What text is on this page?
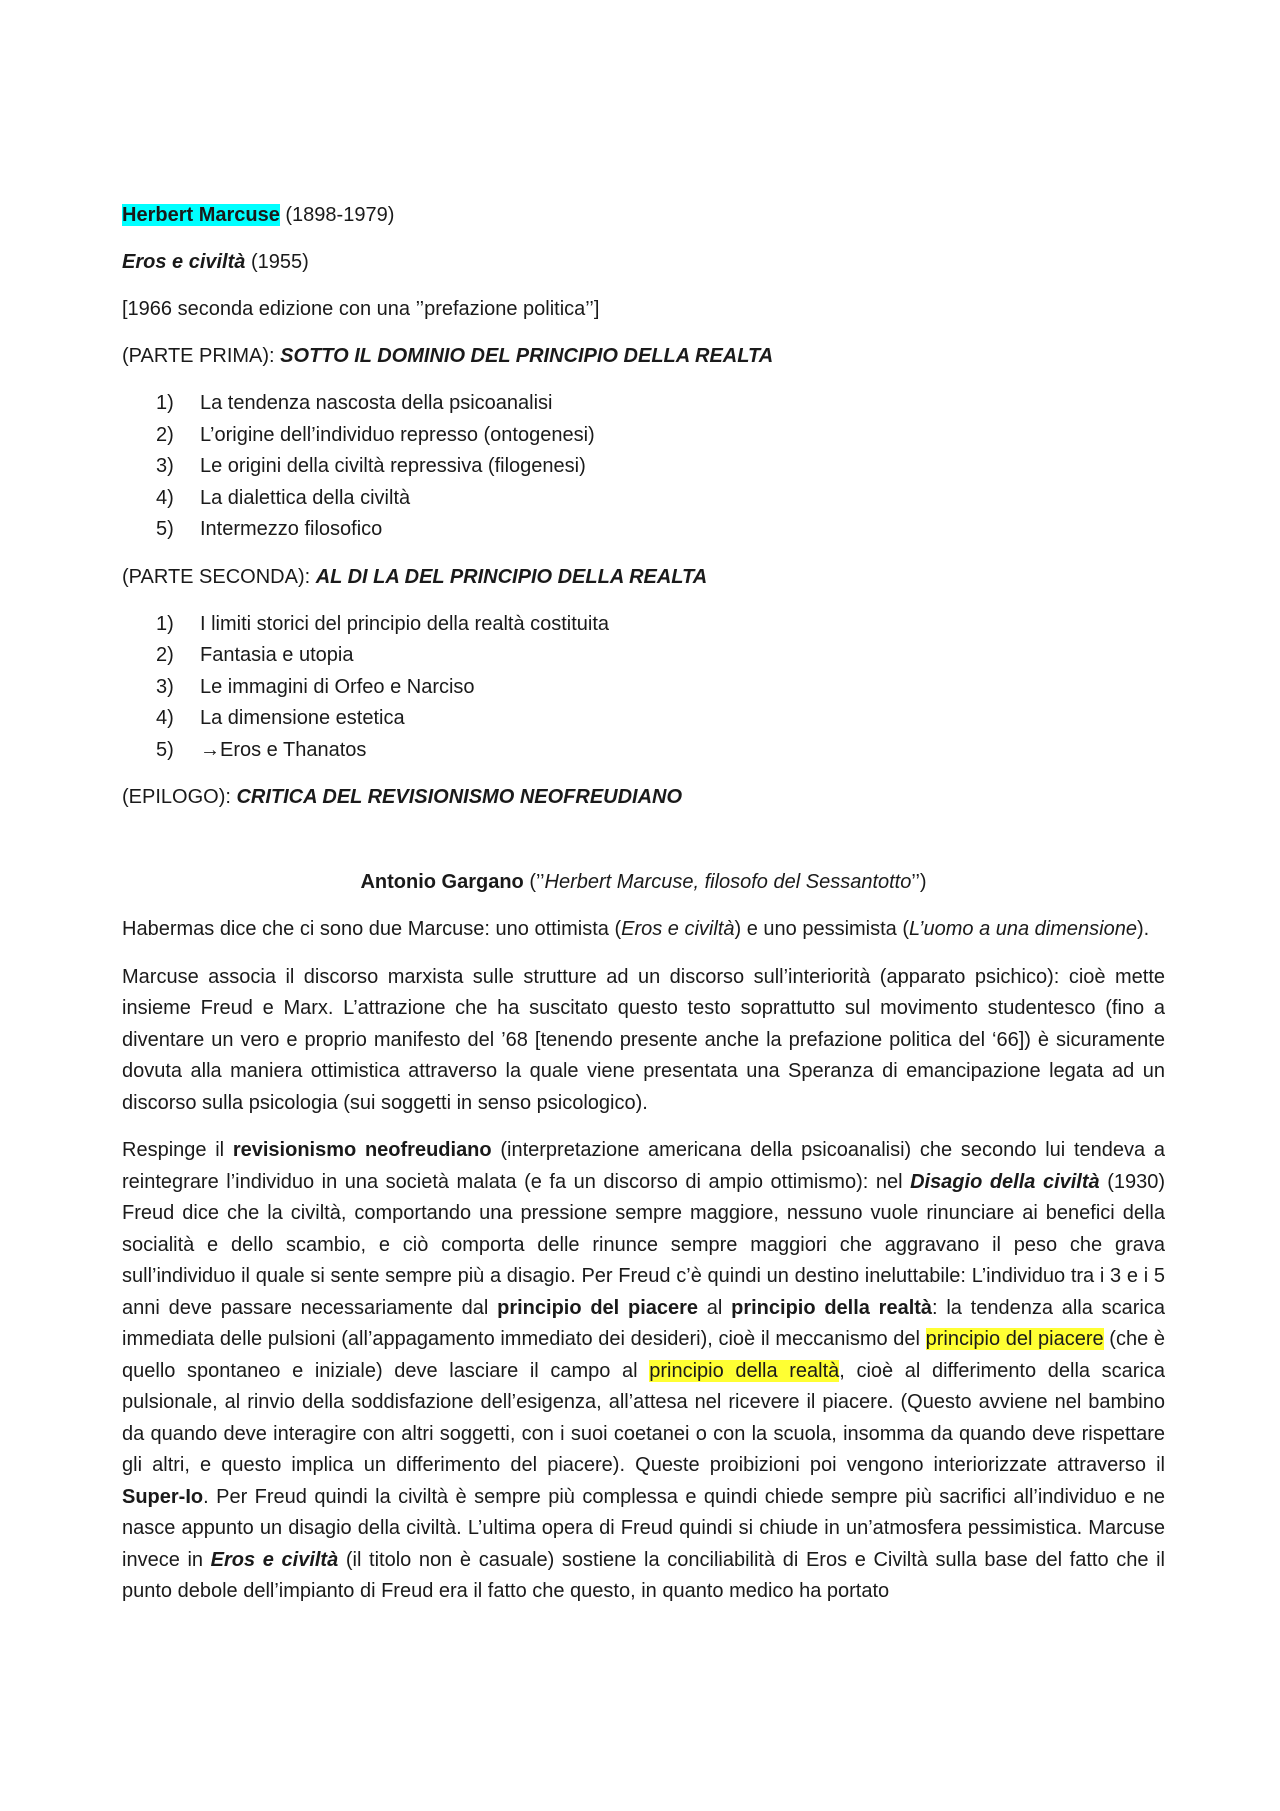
Herbert Marcuse (1898-1979)

Eros e civiltà (1955)

[1966 seconda edizione con una ’’prefazione politica’’]

(PARTE PRIMA): SOTTO IL DOMINIO DEL PRINCIPIO DELLA REALTA

1)	La tendenza nascosta della psicoanalisi
2)	L’origine dell’individuo represso (ontogenesi)
3)	Le origini della civiltà repressiva (filogenesi)
4)	La dialettica della civiltà
5)	Intermezzo filosofico

(PARTE SECONDA): AL DI LA DEL PRINCIPIO DELLA REALTA

1)	I limiti storici del principio della realtà costituita
2)	Fantasia e utopia
3)	Le immagini di Orfeo e Narciso
4)	La dimensione estetica
5)	→Eros e Thanatos

(EPILOGO): CRITICA DEL REVISIONISMO NEOFREUDIANO

Antonio Gargano (’’Herbert Marcuse, filosofo del Sessantotto’’)

Habermas dice che ci sono due Marcuse: uno ottimista (Eros e civiltà) e uno pessimista (L’uomo a una dimensione).

Marcuse associa il discorso marxista sulle strutture ad un discorso sull’interiorità (apparato psichico): cioè mette insieme Freud e Marx. L’attrazione che ha suscitato questo testo soprattutto sul movimento studentesco (fino a diventare un vero e proprio manifesto del ’68 [tenendo presente anche la prefazione politica del ‘66]) è sicuramente dovuta alla maniera ottimistica attraverso la quale viene presentata una Speranza di emancipazione legata ad un discorso sulla psicologia (sui soggetti in senso psicologico).

Respinge il revisionismo neofreudiano (interpretazione americana della psicoanalisi) che secondo lui tendeva a reintegrare l’individuo in una società malata (e fa un discorso di ampio ottimismo): nel Disagio della civiltà (1930) Freud dice che la civiltà, comportando una pressione sempre maggiore, nessuno vuole rinunciare ai benefici della socialità e dello scambio, e ciò comporta delle rinunce sempre maggiori che aggravano il peso che grava sull’individuo il quale si sente sempre più a disagio. Per Freud c’è quindi un destino ineluttabile: L’individuo tra i 3 e i 5 anni deve passare necessariamente dal principio del piacere al principio della realtà: la tendenza alla scarica immediata delle pulsioni (all’appagamento immediato dei desideri), cioè il meccanismo del principio del piacere (che è quello spontaneo e iniziale) deve lasciare il campo al principio della realtà, cioè al differimento della scarica pulsionale, al rinvio della soddisfazione dell’esigenza, all’attesa nel ricevere il piacere. (Questo avviene nel bambino da quando deve interagire con altri soggetti, con i suoi coetanei o con la scuola, insomma da quando deve rispettare gli altri, e questo implica un differimento del piacere). Queste proibizioni poi vengono interiorizzate attraverso il Super-Io. Per Freud quindi la civiltà è sempre più complessa e quindi chiede sempre più sacrifici all’individuo e ne nasce appunto un disagio della civiltà. L’ultima opera di Freud quindi si chiude in un’atmosfera pessimistica. Marcuse invece in Eros e civiltà (il titolo non è casuale) sostiene la conciliabilità di Eros e Civiltà sulla base del fatto che il punto debole dell’impianto di Freud era il fatto che questo, in quanto medico ha portato
